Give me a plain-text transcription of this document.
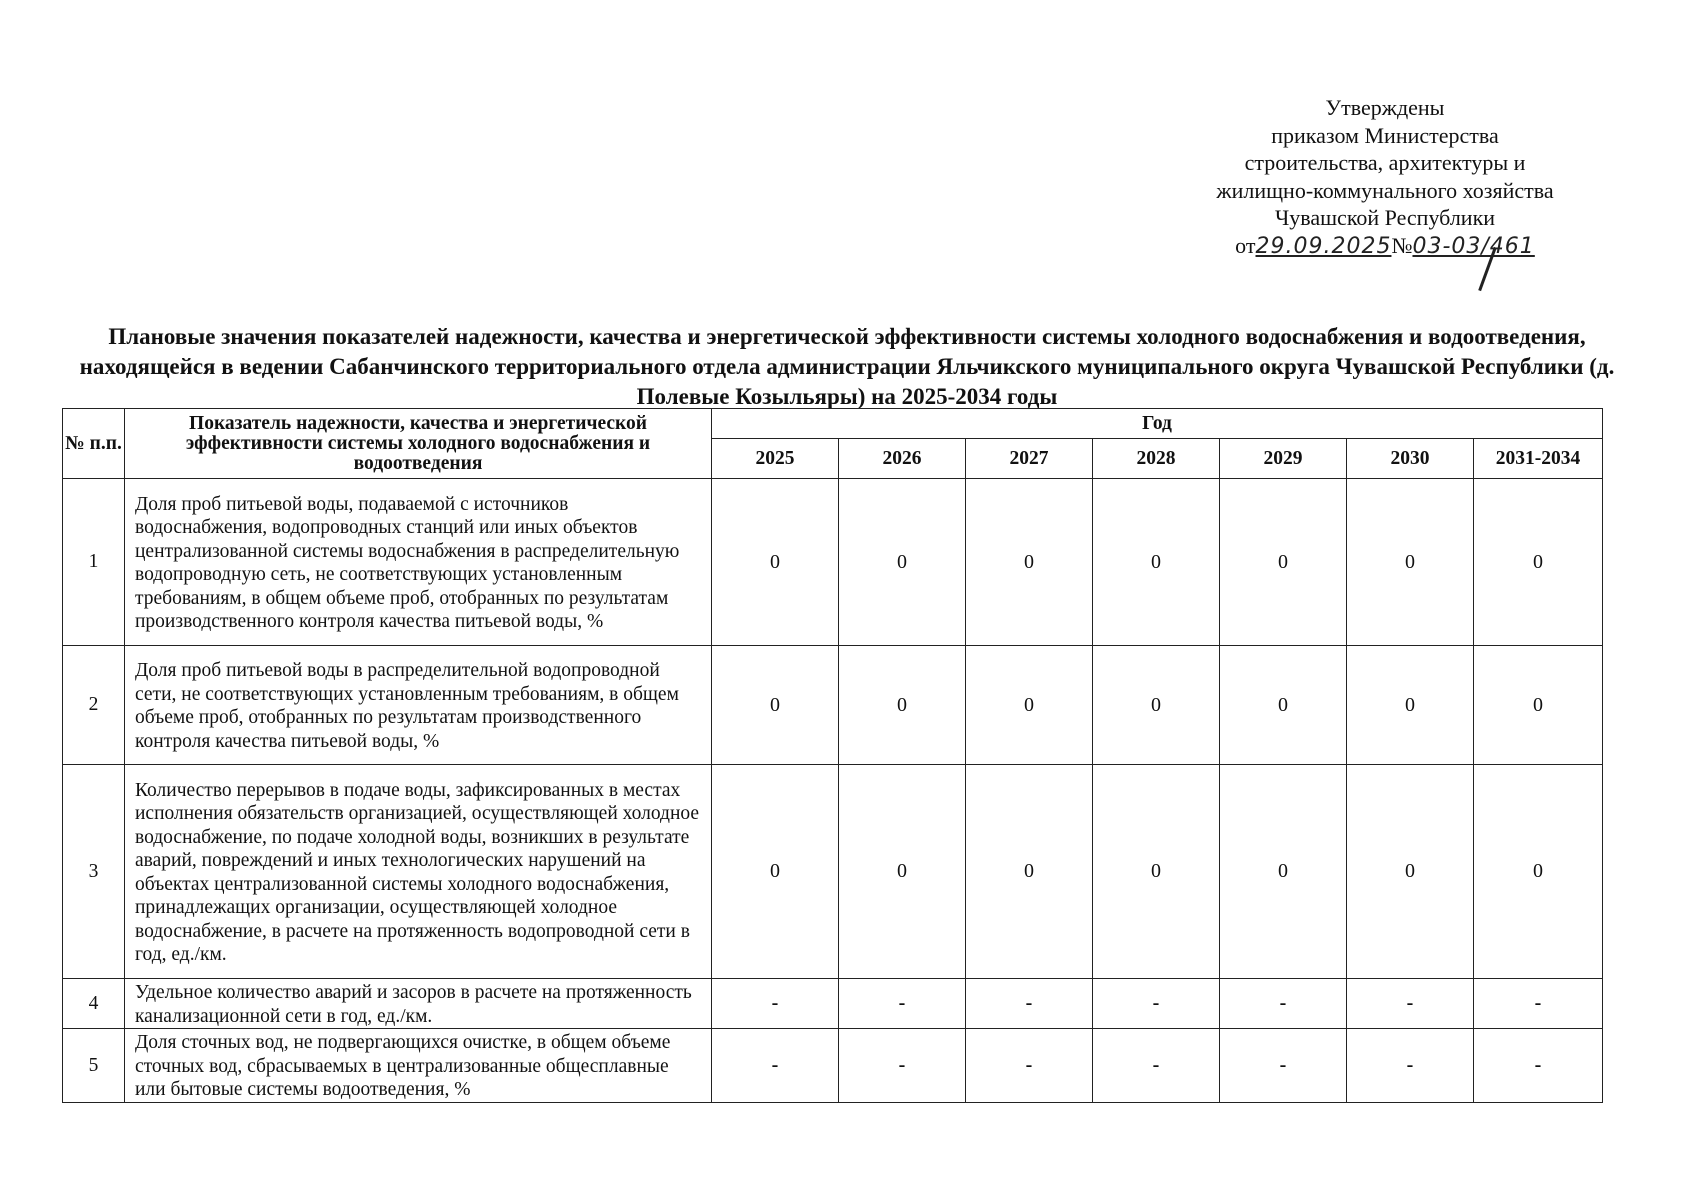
Утверждены
приказом Министерства
строительства, архитектуры и
жилищно-коммунального хозяйства
Чувашской Республики
от29.09.2025№03-03/461
Плановые значения показателей надежности, качества и энергетической эффективности системы холодного водоснабжения и водоотведения, находящейся в ведении Сабанчинского территориального отдела администрации Яльчикского муниципального округа Чувашской Республики (д. Полевые Козыльяры) на 2025-2034 годы
№ п.п.	Показатель надежности, качества и энергетической эффективности системы холодного водоснабжения и водоотведения	Год						
		2025	2026	2027	2028	2029	2030	2031-2034
1	Доля проб питьевой воды, подаваемой с источников водоснабжения, водопроводных станций или иных объектов централизованной системы водоснабжения в распределительную водопроводную сеть, не соответствующих установленным требованиям, в общем объеме проб, отобранных по результатам производственного контроля качества питьевой воды, %	0	0	0	0	0	0	0
2	Доля проб питьевой воды в распределительной водопроводной сети, не соответствующих установленным требованиям, в общем объеме проб, отобранных по результатам производственного контроля качества питьевой воды, %	0	0	0	0	0	0	0
3	Количество перерывов в подаче воды, зафиксированных в местах исполнения обязательств организацией, осуществляющей холодное водоснабжение, по подаче холодной воды, возникших в результате аварий, повреждений и иных технологических нарушений на объектах централизованной системы холодного водоснабжения, принадлежащих организации, осуществляющей холодное водоснабжение, в расчете на протяженность водопроводной сети в год, ед./км.	0	0	0	0	0	0	0
4	Удельное количество аварий и засоров в расчете на протяженность канализационной сети в год, ед./км.	-	-	-	-	-	-	-
5	Доля сточных вод, не подвергающихся очистке, в общем объеме сточных вод, сбрасываемых в централизованные общесплавные или бытовые системы водоотведения, %	-	-	-	-	-	-	-
